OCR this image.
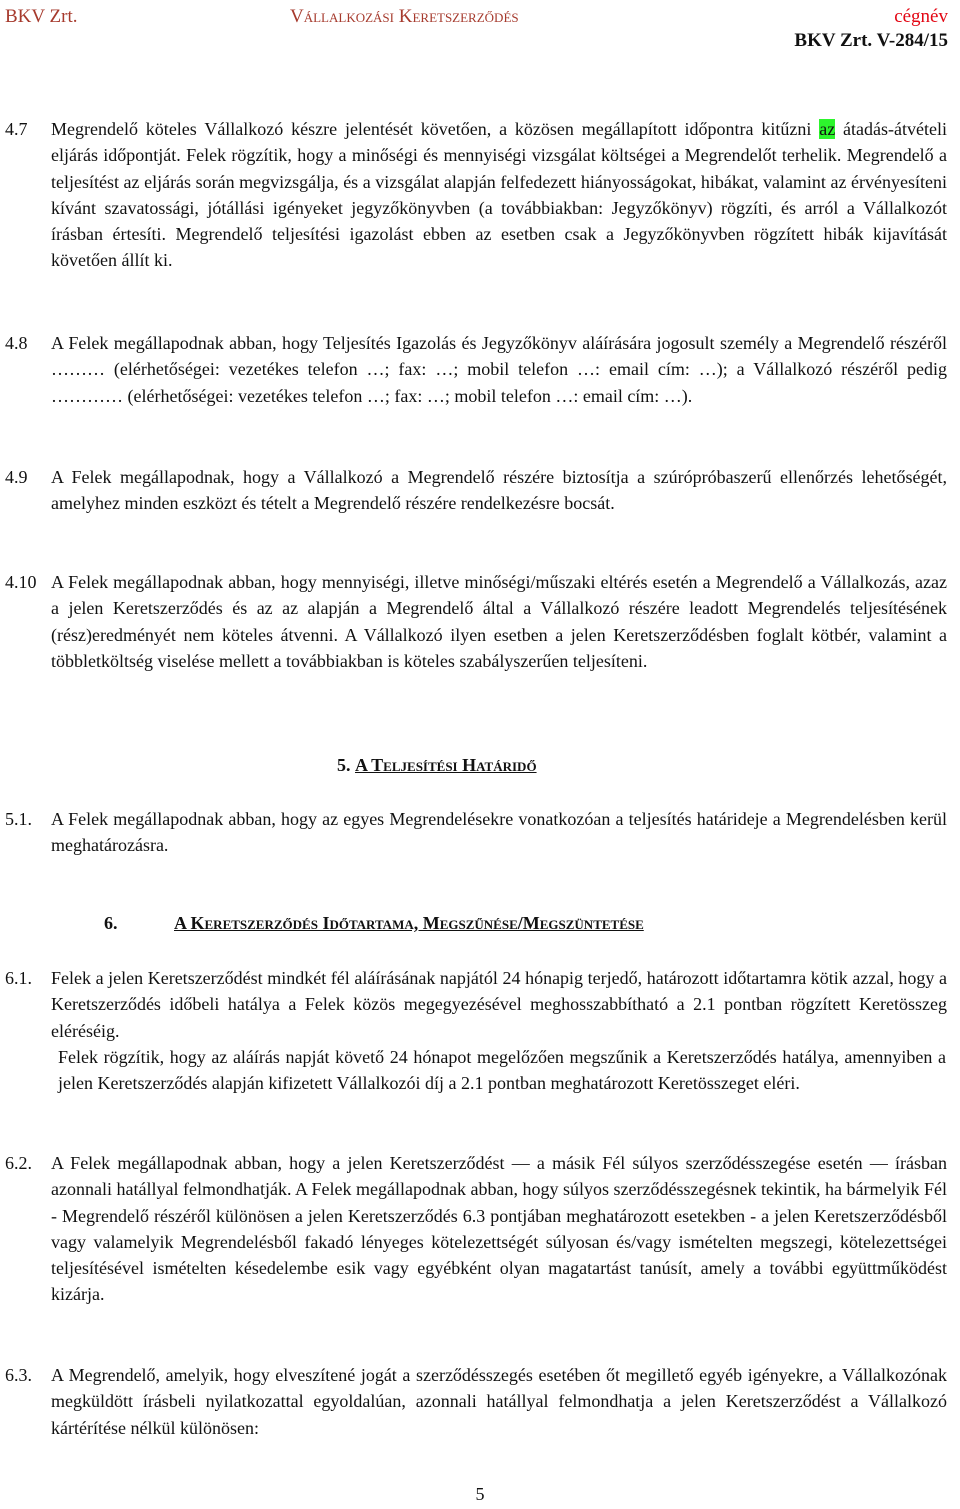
BKV Zrt.	Vállalkozási Keretszerződés	cégnév
BKV Zrt. V-284/15
4.7 Megrendelő köteles Vállalkozó készre jelentését követően, a közösen megállapított időpontra kitűzni az átadás-átvételi eljárás időpontját. Felek rögzítik, hogy a minőségi és mennyiségi vizsgálat költségei a Megrendelőt terhelik. Megrendelő a teljesítést az eljárás során megvizsgálja, és a vizsgálat alapján felfedezett hiányosságokat, hibákat, valamint az érvényesíteni kívánt szavatossági, jótállási igényeket jegyzőkönyvben (a továbbiakban: Jegyzőkönyv) rögzíti, és arról a Vállalkozót írásban értesíti. Megrendelő teljesítési igazolást ebben az esetben csak a Jegyzőkönyvben rögzített hibák kijavítását követően állít ki.
4.8 A Felek megállapodnak abban, hogy Teljesítés Igazolás és Jegyzőkönyv aláírására jogosult személy a Megrendelő részéről ……… (elérhetőségei: vezetékes telefon …; fax: …; mobil telefon …: email cím: …); a Vállalkozó részéről pedig ………… (elérhetőségei: vezetékes telefon …; fax: …; mobil telefon …: email cím: …).
4.9 A Felek megállapodnak, hogy a Vállalkozó a Megrendelő részére biztosítja a szúrópróbaszerű ellenőrzés lehetőségét, amelyhez minden eszközt és tételt a Megrendelő részére rendelkezésre bocsát.
4.10 A Felek megállapodnak abban, hogy mennyiségi, illetve minőségi/műszaki eltérés esetén a Megrendelő a Vállalkozás, azaz a jelen Keretszerződés és az az alapján a Megrendelő által a Vállalkozó részére leadott Megrendelés teljesítésének (rész)eredményét nem köteles átvenni. A Vállalkozó ilyen esetben a jelen Keretszerződésben foglalt kötbér, valamint a többletköltség viselése mellett a továbbiakban is köteles szabályszerűen teljesíteni.
5. A Teljesítési Határidő
5.1. A Felek megállapodnak abban, hogy az egyes Megrendelésekre vonatkozóan a teljesítés határideje a Megrendelésben kerül meghatározásra.
6.	A Keretszerződés Időtartama, Megszűnése/Megszüntetése
6.1. Felek a jelen Keretszerződést mindkét fél aláírásának napjától 24 hónapig terjedő, határozott időtartamra kötik azzal, hogy a Keretszerződés időbeli hatálya a Felek közös megegyezésével meghosszabbítható a 2.1 pontban rögzített Keretösszeg eléréséig.
Felek rögzítik, hogy az aláírás napját követő 24 hónapot megelőzően megszűnik a Keretszerződés hatálya, amennyiben a jelen Keretszerződés alapján kifizetett Vállalkozói díj a 2.1 pontban meghatározott Keretösszeget eléri.
6.2. A Felek megállapodnak abban, hogy a jelen Keretszerződést — a másik Fél súlyos szerződésszegése esetén — írásban azonnali hatállyal felmondhatják. A Felek megállapodnak abban, hogy súlyos szerződésszegésnek tekintik, ha bármelyik Fél - Megrendelő részéről különösen a jelen Keretszerződés 6.3 pontjában meghatározott esetekben - a jelen Keretszerződésből vagy valamelyik Megrendelésből fakadó lényeges kötelezettségét súlyosan és/vagy ismételten megszegi, kötelezettségei teljesítésével ismételten késedelembe esik vagy egyébként olyan magatartást tanúsít, amely a további együttműködést kizárja.
6.3. A Megrendelő, amelyik, hogy elveszítené jogát a szerződésszegés esetében őt megillető egyéb igényekre, a Vállalkozónak megküldött írásbeli nyilatkozattal egyoldalúan, azonnali hatállyal felmondhatja a jelen Keretszerződést a Vállalkozó kártérítése nélkül különösen:
5
